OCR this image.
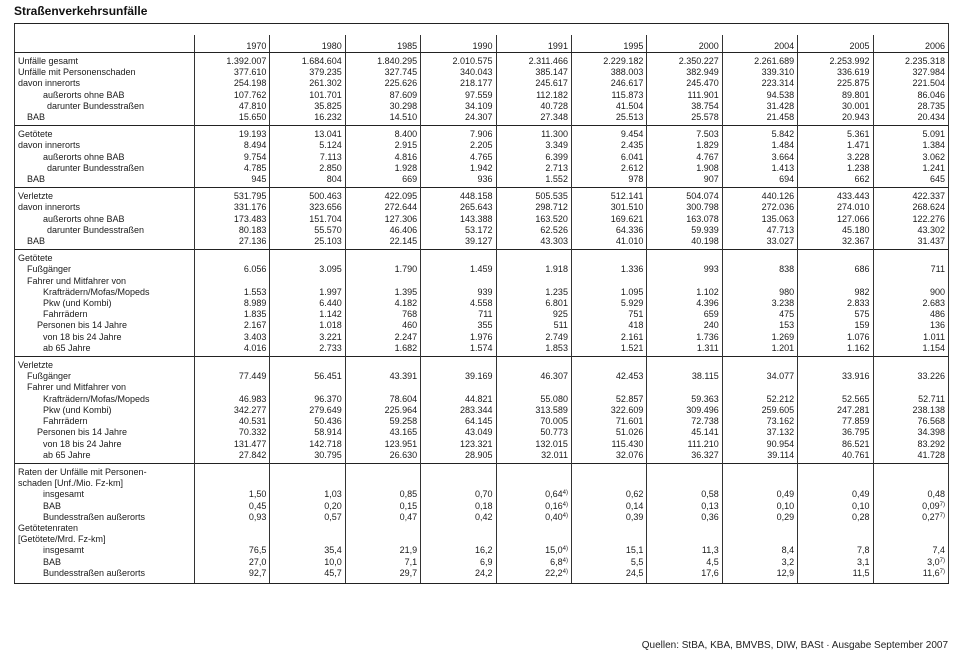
Straßenverkehrsunfälle

	1970	1980	1985	1990	1991	1995	2000	2004	2005	2006
Unfälle gesamt	1.392.007	1.684.604	1.840.295	2.010.575	2.311.466	2.229.182	2.350.227	2.261.689	2.253.992	2.235.318
Unfälle mit Personenschaden	377.610	379.235	327.745	340.043	385.147	388.003	382.949	339.310	336.619	327.984
davon innerorts	254.198	261.302	225.626	218.177	245.617	246.617	245.470	223.314	225.875	221.504
außerorts ohne BAB	107.762	101.701	87.609	97.559	112.182	115.873	111.901	94.538	89.801	86.046
darunter Bundesstraßen	47.810	35.825	30.298	34.109	40.728	41.504	38.754	31.428	30.001	28.735
BAB	15.650	16.232	14.510	24.307	27.348	25.513	25.578	21.458	20.943	20.434
Getötete	19.193	13.041	8.400	7.906	11.300	9.454	7.503	5.842	5.361	5.091
davon innerorts	8.494	5.124	2.915	2.205	3.349	2.435	1.829	1.484	1.471	1.384
außerorts ohne BAB	9.754	7.113	4.816	4.765	6.399	6.041	4.767	3.664	3.228	3.062
darunter Bundesstraßen	4.785	2.850	1.928	1.942	2.713	2.612	1.908	1.413	1.238	1.241
BAB	945	804	669	936	1.552	978	907	694	662	645
Verletzte	531.795	500.463	422.095	448.158	505.535	512.141	504.074	440.126	433.443	422.337
davon innerorts	331.176	323.656	272.644	265.643	298.712	301.510	300.798	272.036	274.010	268.624
außerorts ohne BAB	173.483	151.704	127.306	143.388	163.520	169.621	163.078	135.063	127.066	122.276
darunter Bundesstraßen	80.183	55.570	46.406	53.172	62.526	64.336	59.939	47.713	45.180	43.302
BAB	27.136	25.103	22.145	39.127	43.303	41.010	40.198	33.027	32.367	31.437
Getötete										
Fußgänger	6.056	3.095	1.790	1.459	1.918	1.336	993	838	686	711
Fahrer und Mitfahrer von										
Krafträdern/Mofas/Mopeds	1.553	1.997	1.395	939	1.235	1.095	1.102	980	982	900
Pkw (und Kombi)	8.989	6.440	4.182	4.558	6.801	5.929	4.396	3.238	2.833	2.683
Fahrrädern	1.835	1.142	768	711	925	751	659	475	575	486
Personen bis 14 Jahre	2.167	1.018	460	355	511	418	240	153	159	136
von 18 bis 24 Jahre	3.403	3.221	2.247	1.976	2.749	2.161	1.736	1.269	1.076	1.011
ab 65 Jahre	4.016	2.733	1.682	1.574	1.853	1.521	1.311	1.201	1.162	1.154
Verletzte										
Fußgänger	77.449	56.451	43.391	39.169	46.307	42.453	38.115	34.077	33.916	33.226
Fahrer und Mitfahrer von										
Krafträdern/Mofas/Mopeds	46.983	96.370	78.604	44.821	55.080	52.857	59.363	52.212	52.565	52.711
Pkw (und Kombi)	342.277	279.649	225.964	283.344	313.589	322.609	309.496	259.605	247.281	238.138
Fahrrädern	40.531	50.436	59.258	64.145	70.005	71.601	72.738	73.162	77.859	76.568
Personen bis 14 Jahre	70.332	58.914	43.165	43.049	50.773	51.026	45.141	37.132	36.795	34.398
von 18 bis 24 Jahre	131.477	142.718	123.951	123.321	132.015	115.430	111.210	90.954	86.521	83.292
ab 65 Jahre	27.842	30.795	26.630	28.905	32.011	32.076	36.327	39.114	40.761	41.728
Raten der Unfälle mit Personen-										
schaden [Unf./Mio. Fz-km]										
insgesamt	1,50	1,03	0,85	0,70	0,64$^{4)}$	0,62	0,58	0,49	0,49	0,48
BAB	0,45	0,20	0,15	0,18	0,16$^{4)}$	0,14	0,13	0,10	0,10	0,09$^{7)}$
Bundesstraßen außerorts	0,93	0,57	0,47	0,42	0,40$^{4)}$	0,39	0,36	0,29	0,28	0,27$^{7)}$

Getötetenraten										
[Getötete/Mrd. Fz-km]										
insgesamt	76,5	35,4	21,9	16,2	15,0$^{4)}$	15,1	11,3	8,4	7,8	7,4
BAB	27,0	10,0	7,1	6,9	6,8$^{4)}$	5,5	4,5	3,2	3,1	3,0$^{7)}$
Bundesstraßen außerorts	92,7	45,7	29,7	24,2	22,2$^{4)}$	24,5	17,6	12,9	11,5	11,6$^{7)}$
Quellen: StBA, KBA, BMVBS, DIW, BASt · Ausgabe September 2007
